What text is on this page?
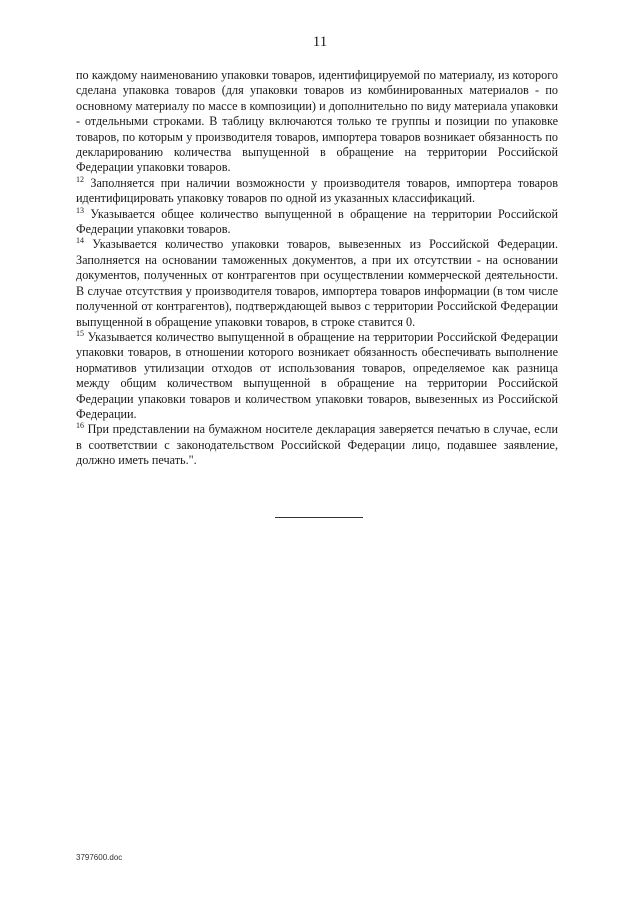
11

по каждому наименованию упаковки товаров, идентифицируемой по материалу, из которого сделана упаковка товаров (для упаковки товаров из комбинированных материалов - по основному материалу по массе в композиции) и дополнительно по виду материала упаковки - отдельными строками. В таблицу включаются только те группы и позиции по упаковке товаров, по которым у производителя товаров, импортера товаров возникает обязанность по декларированию количества выпущенной в обращение на территории Российской Федерации упаковки товаров.

$^{12}$ Заполняется при наличии возможности у производителя товаров, импортера товаров идентифицировать упаковку товаров по одной из указанных классификаций.

$^{13}$ Указывается общее количество выпущенной в обращение на территории Российской Федерации упаковки товаров.

$^{14}$ Указывается количество упаковки товаров, вывезенных из Российской Федерации. Заполняется на основании таможенных документов, а при их отсутствии - на основании документов, полученных от контрагентов при осуществлении коммерческой деятельности. В случае отсутствия у производителя товаров, импортера товаров информации (в том числе полученной от контрагентов), подтверждающей вывоз с территории Российской Федерации выпущенной в обращение упаковки товаров, в строке ставится 0.

$^{15}$ Указывается количество выпущенной в обращение на территории Российской Федерации упаковки товаров, в отношении которого возникает обязанность обеспечивать выполнение нормативов утилизации отходов от использования товаров, определяемое как разница между общим количеством выпущенной в обращение на территории Российской Федерации упаковки товаров и количеством упаковки товаров, вывезенных из Российской Федерации.

$^{16}$ При представлении на бумажном носителе декларация заверяется печатью в случае, если в соответствии с законодательством Российской Федерации лицо, подавшее заявление, должно иметь печать.".

3797600.doc
